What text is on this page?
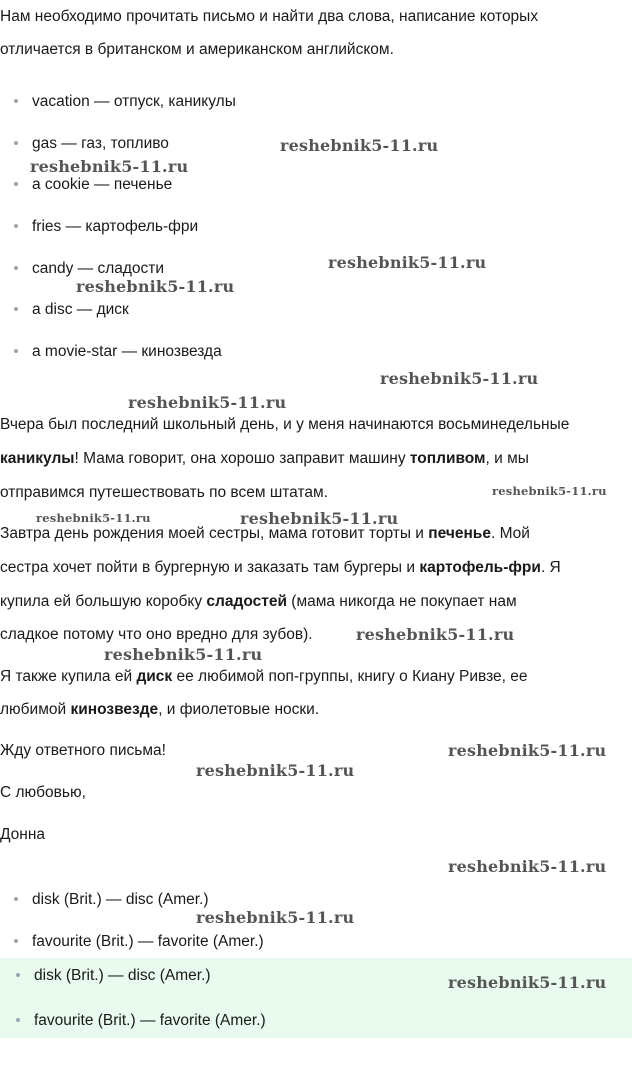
Нам необходимо прочитать письмо и найти два слова, написание которых

отличается в британском и американском английском.

vacation — отпуск, каникулы
gas — газ, топливо
a cookie — печенье
fries — картофель-фри
candy — сладости
a disc — диск
a movie-star — кинозвезда

Вчера был последний школьный день, и у меня начинаются восьминедельные

каникулы! Мама говорит, она хорошо заправит машину топливом, и мы

отправимся путешествовать по всем штатам.

Завтра день рождения моей сестры, мама готовит торты и печенье. Мой

сестра хочет пойти в бургерную и заказать там бургеры и картофель-фри. Я

купила ей большую коробку сладостей (мама никогда не покупает нам

сладкое потому что оно вредно для зубов).

Я также купила ей диск ее любимой поп-группы, книгу о Киану Ривзе, ее

любимой кинозвезде, и фиолетовые носки.

Жду ответного письма!

С любовью,

Донна

disk (Brit.) — disc (Amer.)
favourite (Brit.) — favorite (Amer.)
disk (Brit.) — disc (Amer.)
favourite (Brit.) — favorite (Amer.)
reshebnik5-11.ru
reshebnik5-11.ru
reshebnik5-11.ru
reshebnik5-11.ru
reshebnik5-11.ru
reshebnik5-11.ru
reshebnik5-11.ru
reshebnik5-11.ru	reshebnik5-11.ru
reshebnik5-11.ru
reshebnik5-11.ru
reshebnik5-11.ru
reshebnik5-11.ru
reshebnik5-11.ru
reshebnik5-11.ru
reshebnik5-11.ru
